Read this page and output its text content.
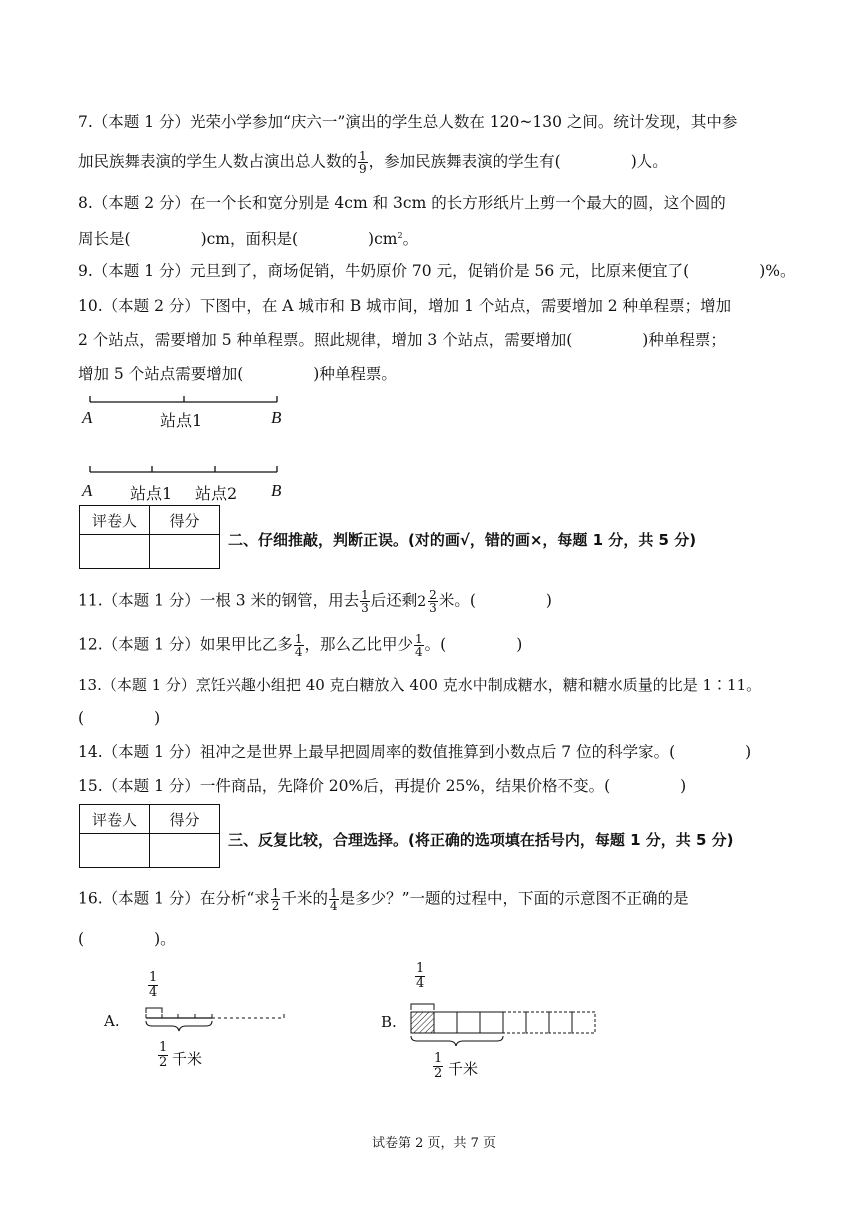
7.（本题 1 分）光荣小学参加“庆六一”演出的学生总人数在 120~130 之间。统计发现，其中参
加民族舞表演的学生人数占演出总人数的 $\frac{1}{9}$ ，参加民族舞表演的学生有(	)人。
8.（本题 2 分）在一个长和宽分别是 4cm 和 3cm 的长方形纸片上剪一个最大的圆，这个圆的
周长是(	)cm，面积是(	)$cm^2$。
9.（本题 1 分）元旦到了，商场促销，牛奶原价 70 元，促销价是 56 元，比原来便宜了(	)%。
10.（本题 2 分）下图中，在 A 城市和 B 城市间，增加 1 个站点，需要增加 2 种单程票；增加
2 个站点，需要增加 5 种单程票。照此规律，增加 3 个站点，需要增加(	)种单程票；
增加 5 个站点需要增加(	)种单程票。
A	站点1	B
A 站点1 站点2 B
评卷人	得分

二、仔细推敲，判断正误。(对的画√，错的画×，每题 1 分，共 5 分)
11.（本题 1 分）一根 3 米的钢管，用去 $\frac{1}{3}$ 后还剩 $2 \frac{2}{3}$ 米。(	)
12.（本题 1 分）如果甲比乙多 $\frac{1}{4}$ ，那么乙比甲少 $\frac{1}{4}$ 。(	)
13.（本题 1 分）烹饪兴趣小组把 40 克白糖放入 400 克水中制成糖水，糖和糖水质量的比是 1∶11。
(	)
14.（本题 1 分）祖冲之是世界上最早把圆周率的数值推算到小数点后 7 位的科学家。(	)
15.（本题 1 分）一件商品，先降价 20%后，再提价 25%，结果价格不变。(	)
评卷人	得分

三、反复比较，合理选择。(将正确的选项填在括号内，每题 1 分，共 5 分)
16.（本题 1 分）在分析“求 $\frac{1}{2}$ 千米的 $\frac{1}{4}$ 是多少？”一题的过程中，下面的示意图不正确的是
(	)。
$\frac{1}{4}$
A.
$\frac{1}{2}$ 千米
$\frac{1}{4}$
B.
$\frac{1}{2}$ 千米
试卷第 2 页，共 7 页
